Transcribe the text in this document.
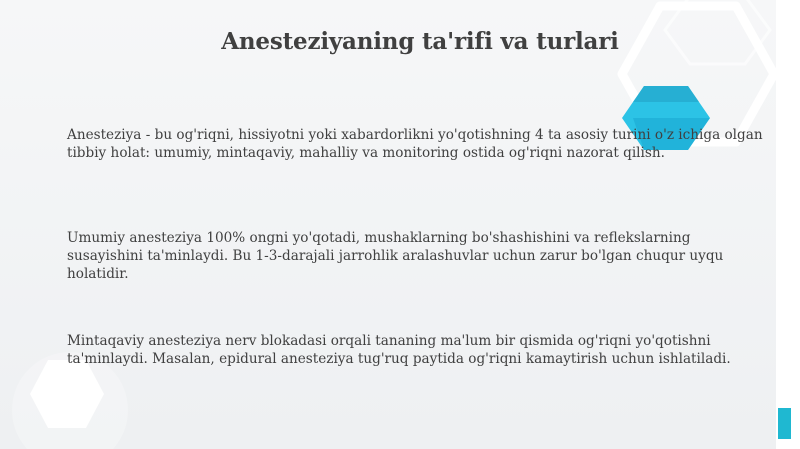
Anesteziyaning ta'rifi va turlari

Anesteziya - bu og'riqni, hissiyotni yoki xabardorlikni yo'qotishning 4 ta asosiy turini o'z ichiga olgan tibbiy holat: umumiy, mintaqaviy, mahalliy va monitoring ostida og'riqni nazorat qilish.

Umumiy anesteziya 100% ongni yo'qotadi, mushaklarning bo'shashishini va reflekslarning susayishini ta'minlaydi. Bu 1-3-darajali jarrohlik aralashuvlar uchun zarur bo'lgan chuqur uyqu holatidir.

Mintaqaviy anesteziya nerv blokadasi orqali tananing ma'lum bir qismida og'riqni yo'qotishni ta'minlaydi. Masalan, epidural anesteziya tug'ruq paytida og'riqni kamaytirish uchun ishlatiladi.
